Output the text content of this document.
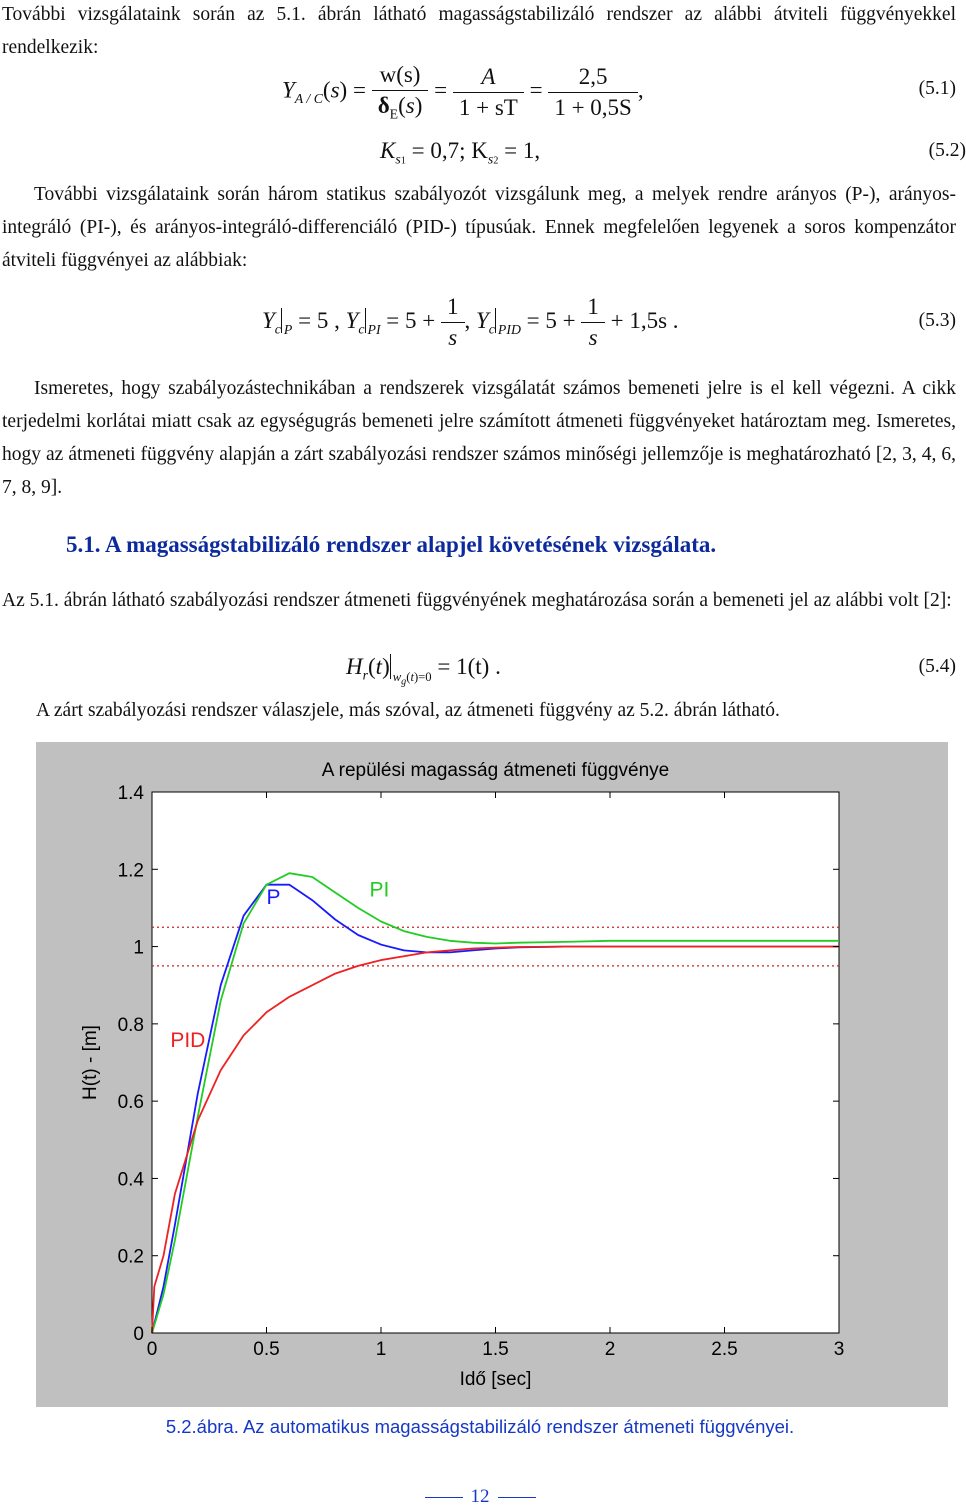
További vizsgálataink során az 5.1. ábrán látható magasságstabilizáló rendszer az alábbi átviteli függvényekkel rendelkezik:
$Y_{A / C}(s) = \frac{w(s)}{\delta_E(s)} = \frac{A}{1 + sT} = \frac{2,5}{1 + 0,5S}$ ,	(5.1)
$K_{s1} = 0,7$; $K_{s2} = 1$,	(5.2)
További vizsgálataink során három statikus szabályozót vizsgálunk meg, a melyek rendre arányos (P-), arányos-integráló (PI-), és arányos-integráló-differenciáló (PID-) típusúak. Ennek megfelelően legyenek a soros kompenzátor átviteli függvényei az alábbiak:
$Y_c$ $_P$ = 5 , $Y_c$ $_{PI} = 5 + \frac{1}{s}$ , $Y_c$ $_{PID} = 5 + \frac{1}{s} + 1,5s$ .	(5.3)
Ismeretes, hogy szabályozástechnikában a rendszerek vizsgálatát számos bemeneti jelre is el kell végezni. A cikk terjedelmi korlátai miatt csak az egységugrás bemeneti jelre számított átmeneti függvényeket határoztam meg. Ismeretes, hogy az átmeneti függvény alapján a zárt szabályozási rendszer számos minőségi jellemzője is meghatározható [2, 3, 4, 6, 7, 8, 9].
5.1. A magasságstabilizáló rendszer alapjel követésének vizsgálata.
Az 5.1. ábrán látható szabályozási rendszer átmeneti függvényének meghatározása során a bemeneti jel az alábbi volt [2]:
$H_r(t) _{w_g(t)=0} = 1(t)$ .	(5.4)
A zárt szabályozási rendszer válaszjele, más szóval, az átmeneti függvény az 5.2. ábrán látható.
0	0.5	1	1.5	2	2.5	3
0
0.2
0.4
0.6
0.8
1
1.2
1.4
P	PI
PID
A repülési magasság átmeneti függvénye
Idő [sec]
H(t) - [m]
5.2.ábra. Az automatikus magasságstabilizáló rendszer átmeneti függvényei.
12
